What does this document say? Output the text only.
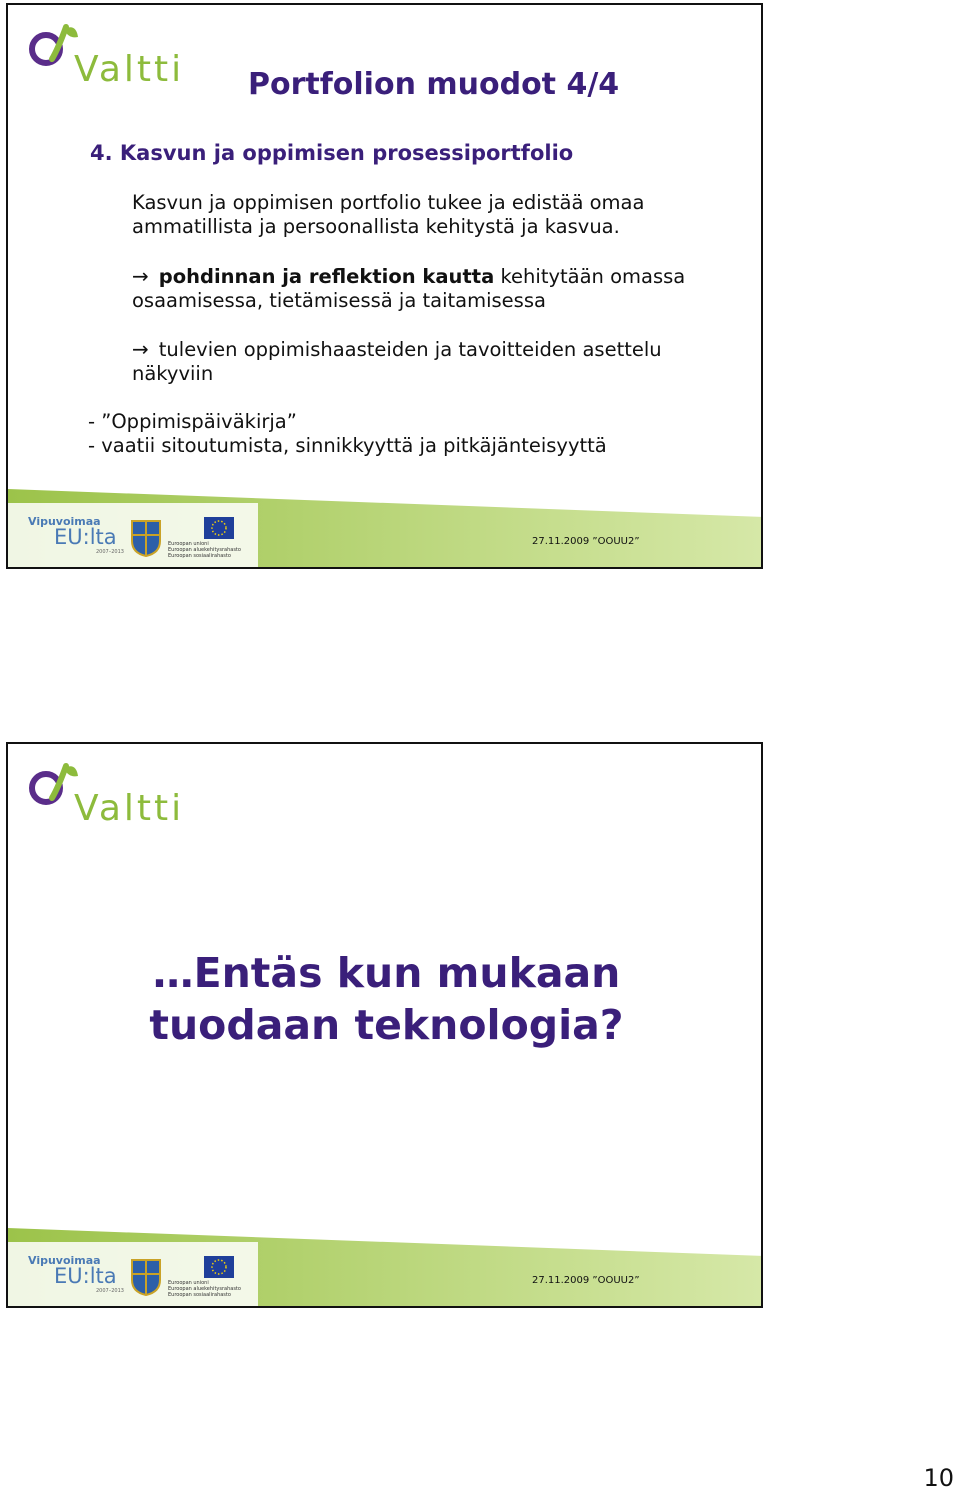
Valtti Portfolion muodot 4/4
4. Kasvun ja oppimisen prosessiportfolio
Kasvun ja oppimisen portfolio tukee ja edistää omaa
ammatillista ja persoonallista kehitystä ja kasvua.
→ pohdinnan ja reflektion kautta kehitytään omassa
osaamisessa, tietämisessä ja taitamisessa
→ tulevien oppimishaasteiden ja tavoitteiden asettelu
näkyviin
- ”Oppimispäiväkirja”
- vaatii sitoutumista, sinnikkyyttä ja pitkäjänteisyyttä
Vipuvoimaa
EU:lta
2007–2013
Euroopan unioni
Euroopan aluekehitysrahasto
Euroopan sosiaalirahasto
27.11.2009 ”OOUU2”
Valtti
…Entäs kun mukaan
tuodaan teknologia?
Vipuvoimaa
EU:lta
2007–2013
Euroopan unioni
Euroopan aluekehitysrahasto
Euroopan sosiaalirahasto
27.11.2009 ”OOUU2”
10
